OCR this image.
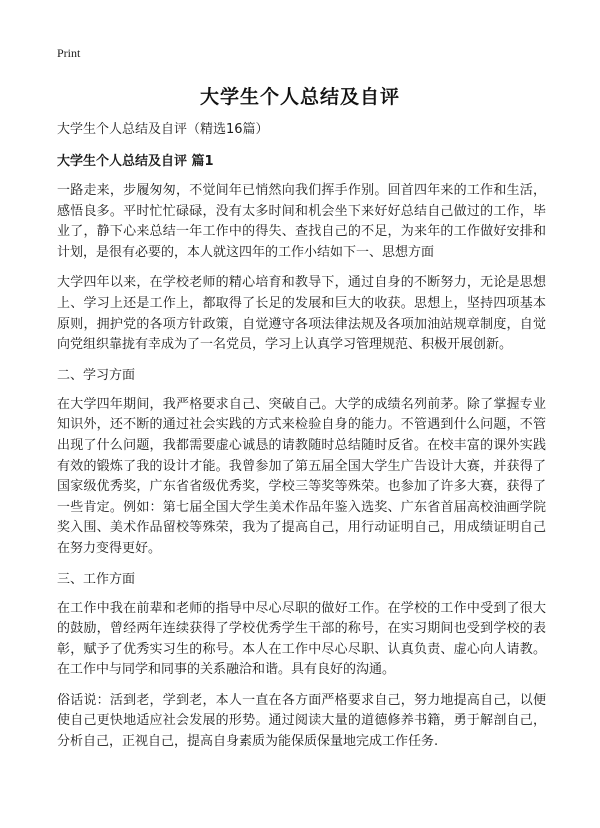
Print
大学生个人总结及自评

大学生个人总结及自评（精选16篇）

大学生个人总结及自评 篇1

一路走来，步履匆匆，不觉间年已悄然向我们挥手作别。回首四年来的工作和生活，感悟良多。平时忙忙碌碌，没有太多时间和机会坐下来好好总结自己做过的工作，毕业了，静下心来总结一年工作中的得失、查找自己的不足，为来年的工作做好安排和计划，是很有必要的，本人就这四年的工作小结如下一、思想方面

大学四年以来，在学校老师的精心培育和教导下，通过自身的不断努力，无论是思想上、学习上还是工作上，都取得了长足的发展和巨大的收获。思想上，坚持四项基本原则，拥护党的各项方针政策，自觉遵守各项法律法规及各项加油站规章制度，自觉向党组织靠拢有幸成为了一名党员，学习上认真学习管理规范、积极开展创新。

二、学习方面

在大学四年期间，我严格要求自己、突破自己。大学的成绩名列前茅。除了掌握专业知识外，还不断的通过社会实践的方式来检验自身的能力。不管遇到什么问题，不管出现了什么问题，我都需要虚心诚恳的请教随时总结随时反省。在校丰富的课外实践有效的锻炼了我的设计才能。我曾参加了第五届全国大学生广告设计大赛，并获得了国家级优秀奖，广东省省级优秀奖，学校三等奖等殊荣。也参加了许多大赛，获得了一些肯定。例如：第七届全国大学生美术作品年鉴入选奖、广东省首届高校油画学院奖入围、美术作品留校等殊荣，我为了提高自己，用行动证明自己，用成绩证明自己在努力变得更好。

三、工作方面

在工作中我在前辈和老师的指导中尽心尽职的做好工作。在学校的工作中受到了很大的鼓励，曾经两年连续获得了学校优秀学生干部的称号，在实习期间也受到学校的表彰，赋予了优秀实习生的称号。本人在工作中尽心尽职、认真负责、虚心向人请教。在工作中与同学和同事的关系融洽和谐。具有良好的沟通。

俗话说：活到老，学到老，本人一直在各方面严格要求自己，努力地提高自己，以便使自己更快地适应社会发展的形势。通过阅读大量的道德修养书籍，勇于解剖自己，分析自己，正视自己，提高自身素质为能保质保量地完成工作任务.
